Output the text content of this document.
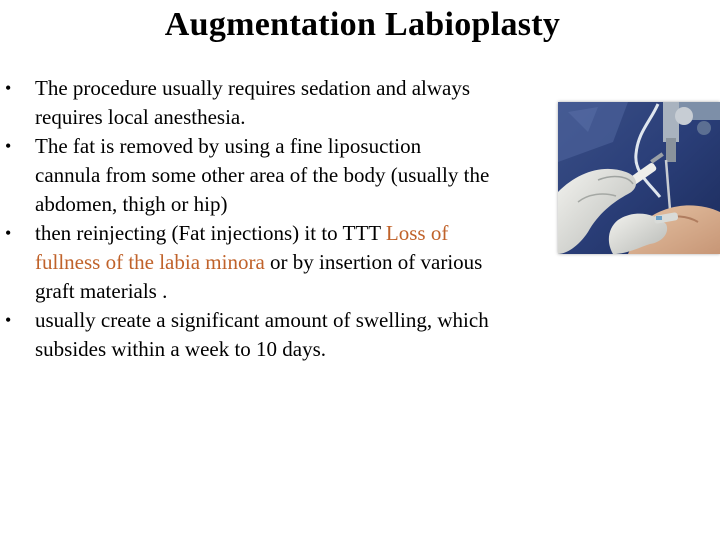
Augmentation Labioplasty
• The procedure usually requires sedation and always requires local anesthesia.
• The fat is removed by using a fine liposuction cannula from some other area of the body (usually the abdomen, thigh or hip)
• then reinjecting (Fat injections) it to TTT Loss of fullness of the labia minora or by insertion of various graft materials .
• usually create a significant amount of swelling, which subsides within a week to 10 days.
